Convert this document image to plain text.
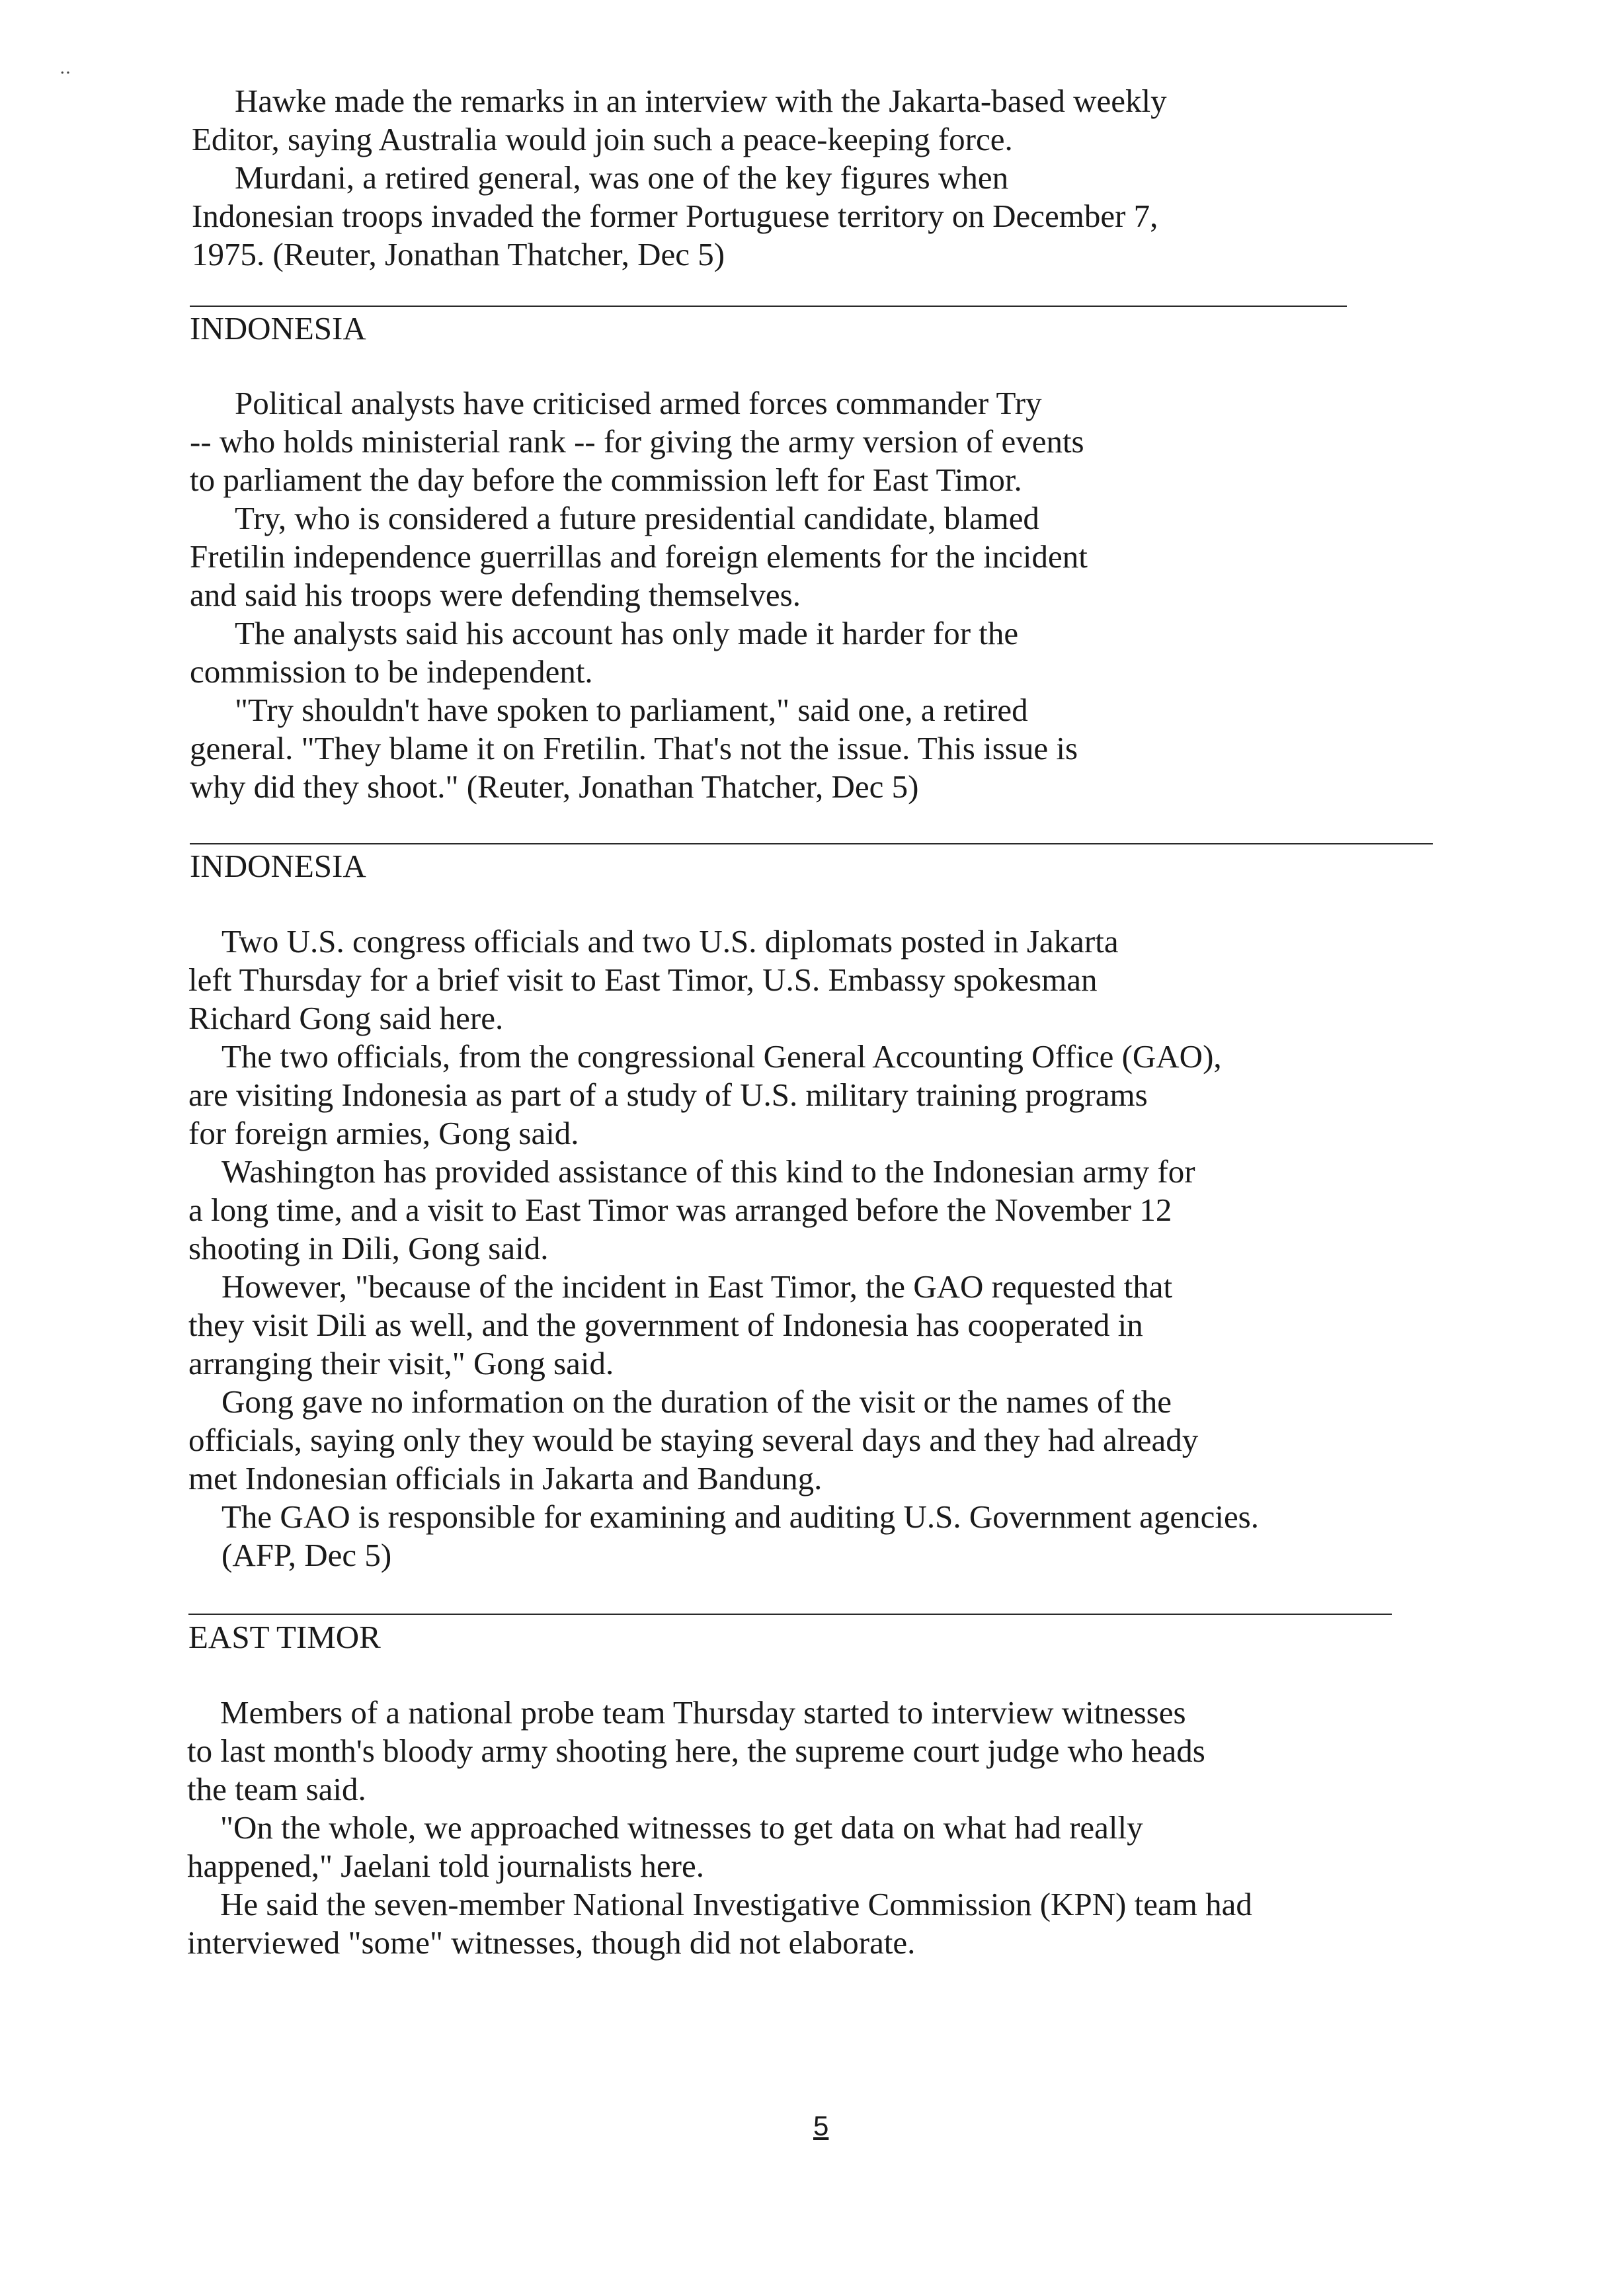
․․
Hawke made the remarks in an interview with the Jakarta-based weekly
Editor, saying Australia would join such a peace-keeping force.
Murdani, a retired general, was one of the key figures when
Indonesian troops invaded the former Portuguese territory on December 7,
1975. (Reuter, Jonathan Thatcher, Dec 5)
INDONESIA
Political analysts have criticised armed forces commander Try
-- who holds ministerial rank -- for giving the army version of events
to parliament the day before the commission left for East Timor.
Try, who is considered a future presidential candidate, blamed
Fretilin independence guerrillas and foreign elements for the incident
and said his troops were defending themselves.
The analysts said his account has only made it harder for the
commission to be independent.
"Try shouldn't have spoken to parliament," said one, a retired
general. "They blame it on Fretilin. That's not the issue. This issue is
why did they shoot." (Reuter, Jonathan Thatcher, Dec 5)
INDONESIA
Two U.S. congress officials and two U.S. diplomats posted in Jakarta
left Thursday for a brief visit to East Timor, U.S. Embassy spokesman
Richard Gong said here.
The two officials, from the congressional General Accounting Office (GAO),
are visiting Indonesia as part of a study of U.S. military training programs
for foreign armies, Gong said.
Washington has provided assistance of this kind to the Indonesian army for
a long time, and a visit to East Timor was arranged before the November 12
shooting in Dili, Gong said.
However, "because of the incident in East Timor, the GAO requested that
they visit Dili as well, and the government of Indonesia has cooperated in
arranging their visit," Gong said.
Gong gave no information on the duration of the visit or the names of the
officials, saying only they would be staying several days and they had already
met Indonesian officials in Jakarta and Bandung.
The GAO is responsible for examining and auditing U.S. Government agencies.
(AFP, Dec 5)
EAST TIMOR
Members of a national probe team Thursday started to interview witnesses
to last month's bloody army shooting here, the supreme court judge who heads
the team said.
"On the whole, we approached witnesses to get data on what had really
happened," Jaelani told journalists here.
He said the seven-member National Investigative Commission (KPN) team had
interviewed "some" witnesses, though did not elaborate.
5
